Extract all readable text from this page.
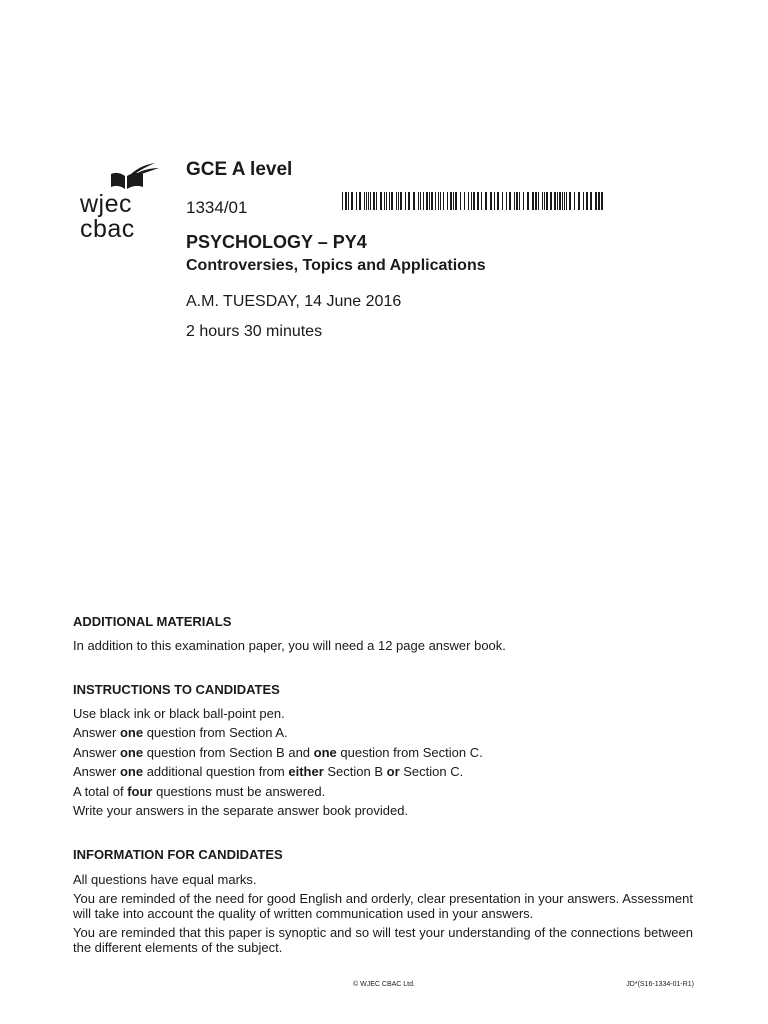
wjec
cbac
GCE A level
1334/01
PSYCHOLOGY – PY4
Controversies, Topics and Applications
A.M. TUESDAY, 14 June 2016
2 hours 30 minutes
ADDITIONAL MATERIALS
In addition to this examination paper, you will need a 12 page answer book.
INSTRUCTIONS TO CANDIDATES
Use black ink or black ball-point pen.
Answer one question from Section A.
Answer one question from Section B and one question from Section C.
Answer one additional question from either Section B or Section C.
A total of four questions must be answered.
Write your answers in the separate answer book provided.
INFORMATION FOR CANDIDATES
All questions have equal marks.
You are reminded of the need for good English and orderly, clear presentation in your answers. Assessment will take into account the quality of written communication used in your answers.
You are reminded that this paper is synoptic and so will test your understanding of the connections between the different elements of the subject.
© WJEC CBAC Ltd.	JD*(S16-1334-01-R1)
